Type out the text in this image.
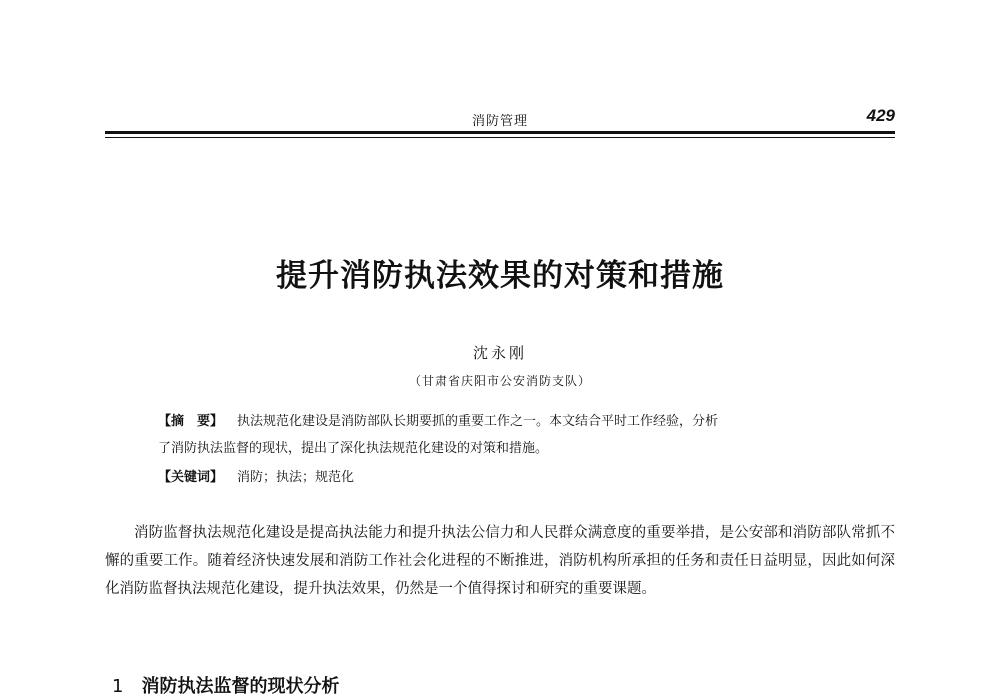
消防管理	429
提升消防执法效果的对策和措施
沈永刚
（甘肃省庆阳市公安消防支队）
【摘　要】 执法规范化建设是消防部队长期要抓的重要工作之一。本文结合平时工作经验，分析
了消防执法监督的现状，提出了深化执法规范化建设的对策和措施。
【关键词】 消防；执法；规范化

消防监督执法规范化建设是提高执法能力和提升执法公信力和人民群众满意度的重要举措，是公安部和消防部队常抓不懈的重要工作。随着经济快速发展和消防工作社会化进程的不断推进，消防机构所承担的任务和责任日益明显，因此如何深化消防监督执法规范化建设，提升执法效果，仍然是一个值得探讨和研究的重要课题。

1 消防执法监督的现状分析
